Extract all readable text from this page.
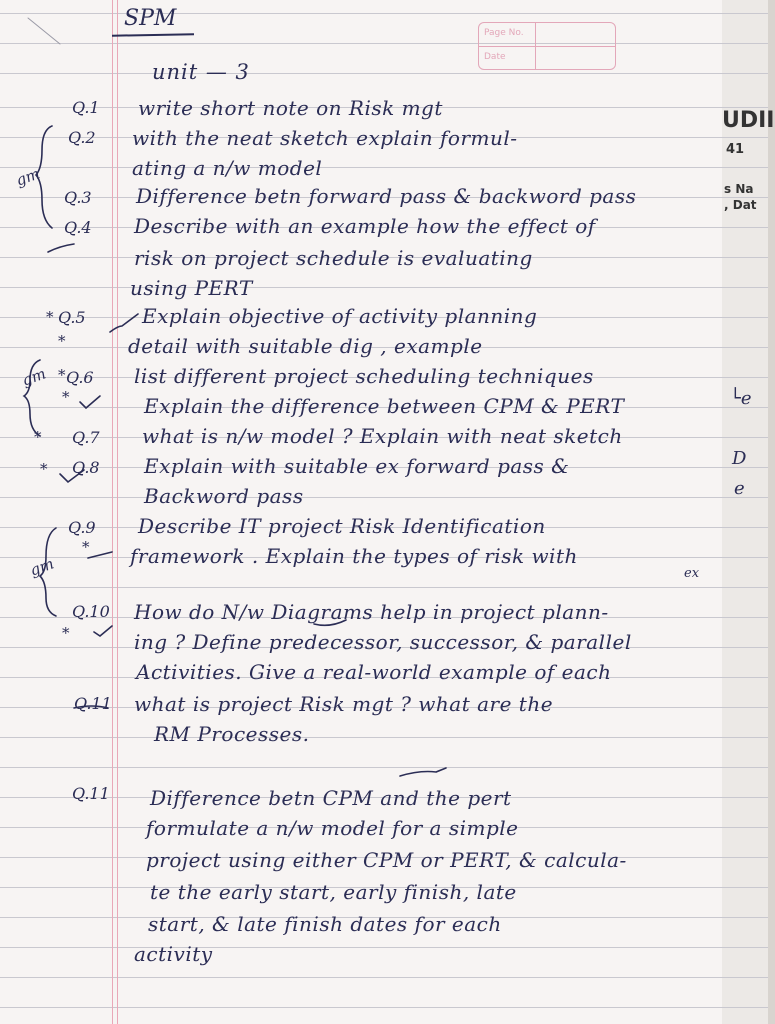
SPM
Page No.
Date
unit — 3
Q.1 write short note on Risk mgt
Q.2 with the neat sketch explain formul-
ating a n/w model
Q.3 Difference betn forward pass & backword pass
Q.4 Describe with an example how the effect of
risk on project schedule is evaluating
using PERT
Q.5	Explain objective of activity planning
detail with suitable dig , example
Q.6 list different project scheduling techniques
Explain the difference between CPM & PERT
Q.7 what is n/w model ? Explain with neat sketch
Q.8 Explain with suitable ex forward pass &
Backword pass
Q.9 Describe IT project Risk Identification
framework . Explain the types of risk with
ex
Q.10 How do N/w Diagrams help in project plann-
ing ? Define predecessor, successor, & parallel
Activities. Give a real-world example of each
Q.11 what is project Risk mgt ? what are the
RM Processes.
Q.11 Difference betn CPM and the pert
formulate a n/w model for a simple
project using either CPM or PERT, & calcula-
te the early start, early finish, late
start, & late finish dates for each
activity
gm
gm
gm
*
*
*
*
*
*
*
*
UDII
41
s Na
, Dat
└e
D
e
